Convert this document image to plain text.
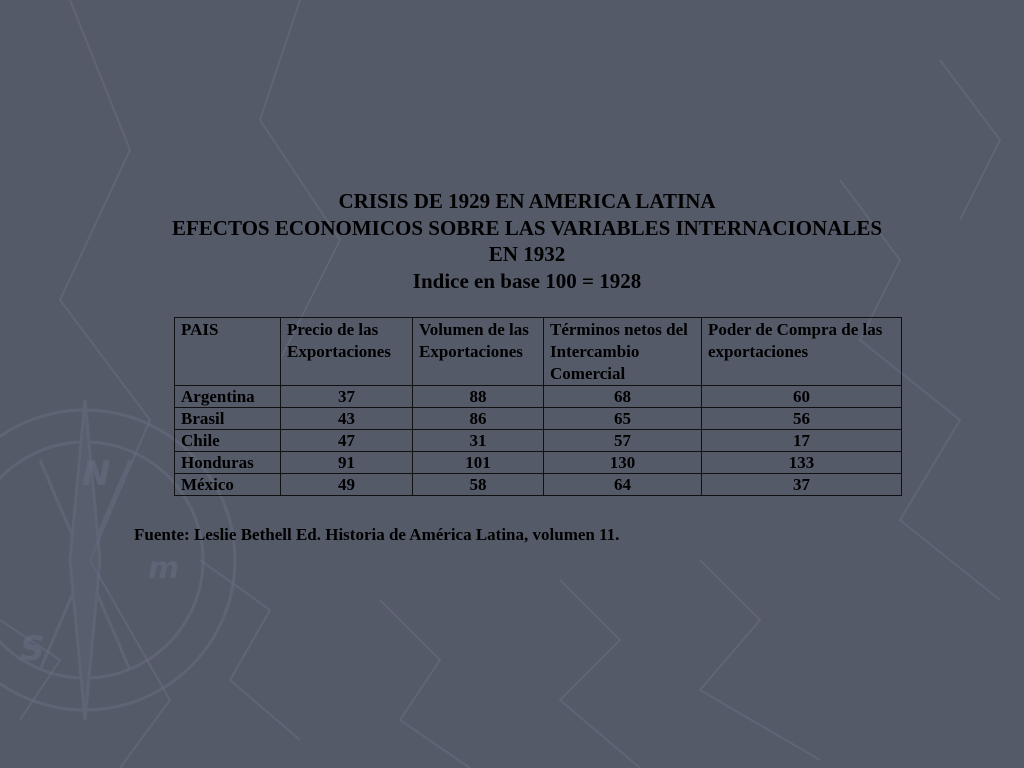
N
S
m
CRISIS DE 1929 EN AMERICA LATINA
EFECTOS ECONOMICOS SOBRE LAS VARIABLES INTERNACIONALES
EN 1932
Indice en base 100 = 1928
PAIS	Precio de las Exportaciones	Volumen de las Exportaciones	Términos netos del Intercambio Comercial	Poder de Compra de las exportaciones
Argentina	37	88	68	60
Brasil	43	86	65	56
Chile	47	31	57	17
Honduras	91	101	130	133
México	49	58	64	37
Fuente: Leslie Bethell Ed. Historia de América Latina, volumen 11.
